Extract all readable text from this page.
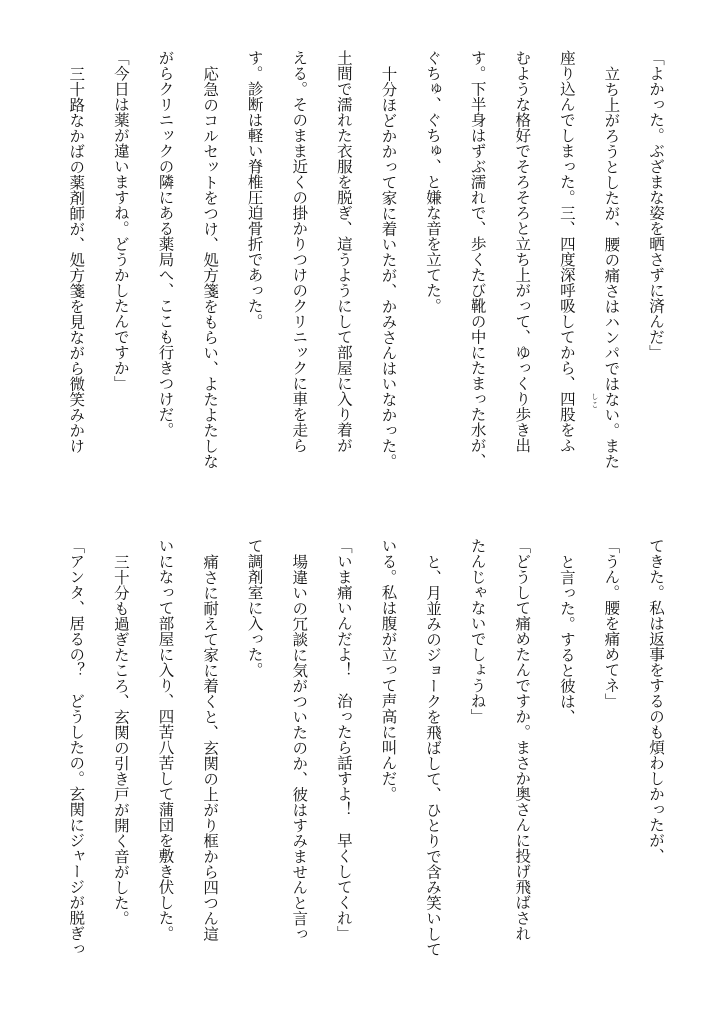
「よかった。ぶざまな姿を晒さずに済んだ」
立ち上がろうとしたが、腰の痛さはハンパではない。また
座り込んでしまった。三、四度深呼吸してから、四股 しこ
をふ
むような格好でそろそろと立ち上がって、ゆっくり歩き出
す。下半身はずぶ濡れで、歩くたび靴の中にたまった水が、
ぐちゅ、ぐちゅ、と嫌な音を立てた。
十分ほどかかって家に着いたが、かみさんはいなかった。
土間で濡れた衣服を脱ぎ、這うようにして部屋に入り着が
える。そのまま近くの掛かりつけのクリニックに車を走ら
す。診断は軽い脊椎圧迫骨折であった。
応急のコルセットをつけ、処方箋をもらい、よたよたしな
がらクリニックの隣にある薬局へ、ここも行きつけだ。
「今日は薬が違いますね。どうかしたんですか」
三十路なかばの薬剤師が、処方箋を見ながら微笑みかけ
てきた。私は返事をするのも煩わしかったが、
「うん。腰を痛めてネ」
と言った。すると彼は、
「どうして痛めたんですか。まさか奥さんに投げ飛ばされ
たんじゃないでしょうね」
と、月並みのジョークを飛ばして、ひとりで含み笑いして
いる。私は腹が立って声高に叫んだ。
「いま痛いんだよ！　治ったら話すよ！　早くしてくれ」
場違いの冗談に気がついたのか、彼はすみませんと言っ
て調剤室に入った。
痛さに耐えて家に着くと、玄関の上がり框から四つん這
いになって部屋に入り、四苦八苦して蒲団を敷き伏した。
三十分も過ぎたころ、玄関の引き戸が開く音がした。
「アンタ、居るの？　どうしたの。玄関にジャージが脱ぎっ
